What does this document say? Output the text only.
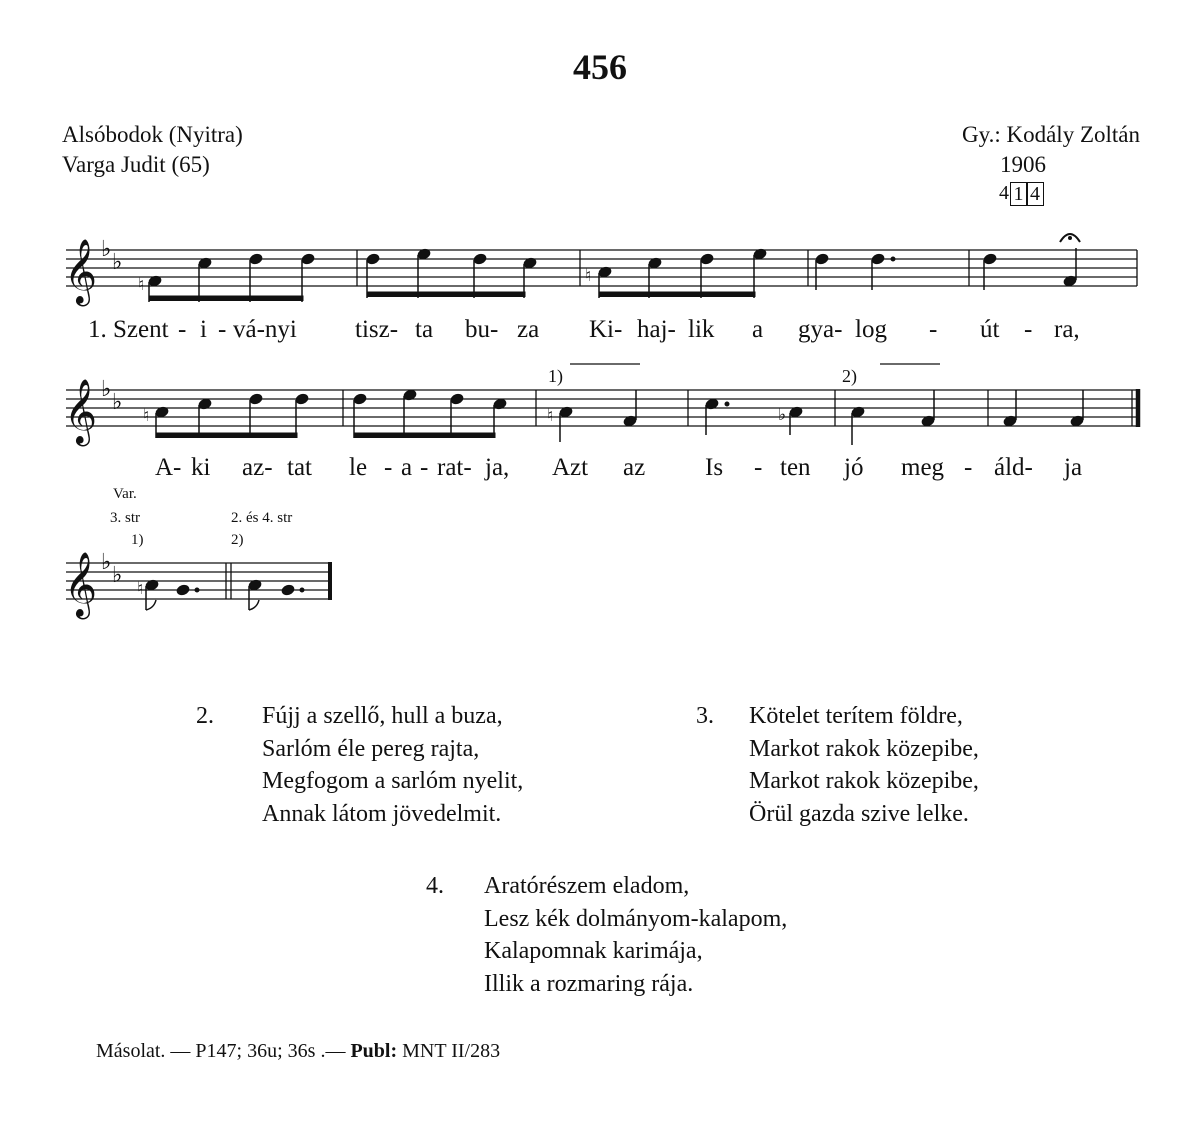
456
Alsóbodok (Nyitra)
Varga Judit (65)
Gy.: Kodály Zoltán
1906
4 1 4
𝄞
𝄞
𝄞
♭
♭
♭
♭
♭
♭
♮	♮
♮	♮	♭
♮
1. Szent - i - vá-nyi tisz- ta bu- za Ki- haj- lik a gya- log - út - ra,
A- ki az- tat le - a - rat- ja, Azt az Is - ten jó meg - áld- ja
1)	2)
Var.
3. str	2. és 4. str
1)	2)
2. Fújj a szellő, hull a buza,
Sarlóm éle pereg rajta,
Megfogom a sarlóm nyelit,
Annak látom jövedelmit.
3. Kötelet terítem földre,
Markot rakok közepibe,
Markot rakok közepibe,
Örül gazda szive lelke.
4. Aratórészem eladom,
Lesz kék dolmányom-kalapom,
Kalapomnak karimája,
Illik a rozmaring rája.
Másolat. — P147; 36u; 36s .— Publ: MNT II/283
